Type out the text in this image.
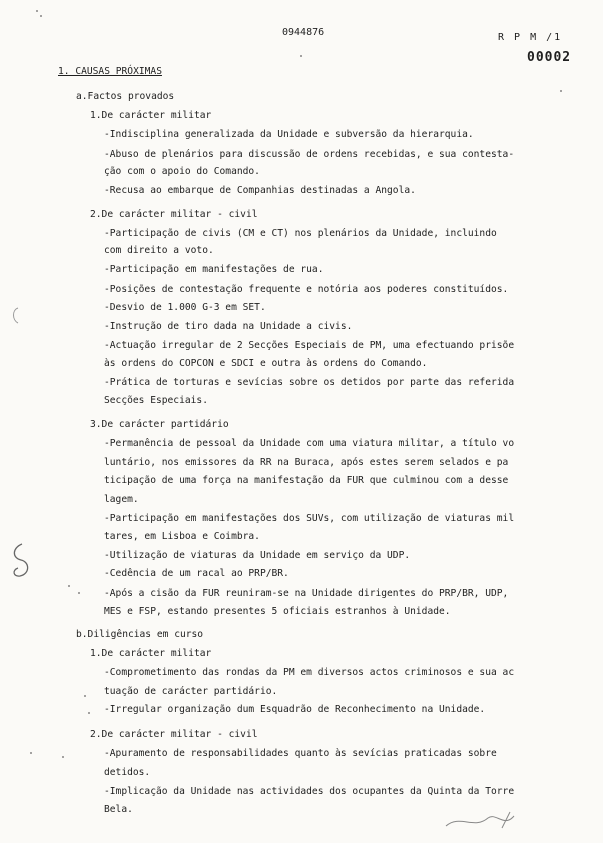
0944876	R P M /1
00002
1. CAUSAS PRÓXIMAS
a.Factos provados
1.De carácter militar
-Indisciplina generalizada da Unidade e subversão da hierarquia.
-Abuso de plenários para discussão de ordens recebidas, e sua contesta-
ção com o apoio do Comando.
-Recusa ao embarque de Companhias destinadas a Angola.
2.De carácter militar - civil
-Participação de civis (CM e CT) nos plenários da Unidade, incluindo
com direito a voto.
-Participação em manifestações de rua.
-Posições de contestação frequente e notória aos poderes constituídos.
-Desvio de 1.000 G-3 em SET.
-Instrução de tiro dada na Unidade a civis.
-Actuação irregular de 2 Secções Especiais de PM, uma efectuando prisõe
às ordens do COPCON e SDCI e outra às ordens do Comando.
-Prática de torturas e sevícias sobre os detidos por parte das referida
Secções Especiais.
3.De carácter partidário
-Permanência de pessoal da Unidade com uma viatura militar, a título vo
luntário, nos emissores da RR na Buraca, após estes serem selados e pa
ticipação de uma força na manifestação da FUR que culminou com a desse
lagem.
-Participação em manifestações dos SUVs, com utilização de viaturas mil
tares, em Lisboa e Coimbra.
-Utilização de viaturas da Unidade em serviço da UDP.
-Cedência de um racal ao PRP/BR.
-Após a cisão da FUR reuniram-se na Unidade dirigentes do PRP/BR, UDP,
MES e FSP, estando presentes 5 oficiais estranhos à Unidade.
b.Diligências em curso
1.De carácter militar
-Comprometimento das rondas da PM em diversos actos criminosos e sua ac
tuação de carácter partidário.
-Irregular organização dum Esquadrão de Reconhecimento na Unidade.
2.De carácter militar - civil
-Apuramento de responsabilidades quanto às sevícias praticadas sobre
detidos.
-Implicação da Unidade nas actividades dos ocupantes da Quinta da Torre
Bela.
